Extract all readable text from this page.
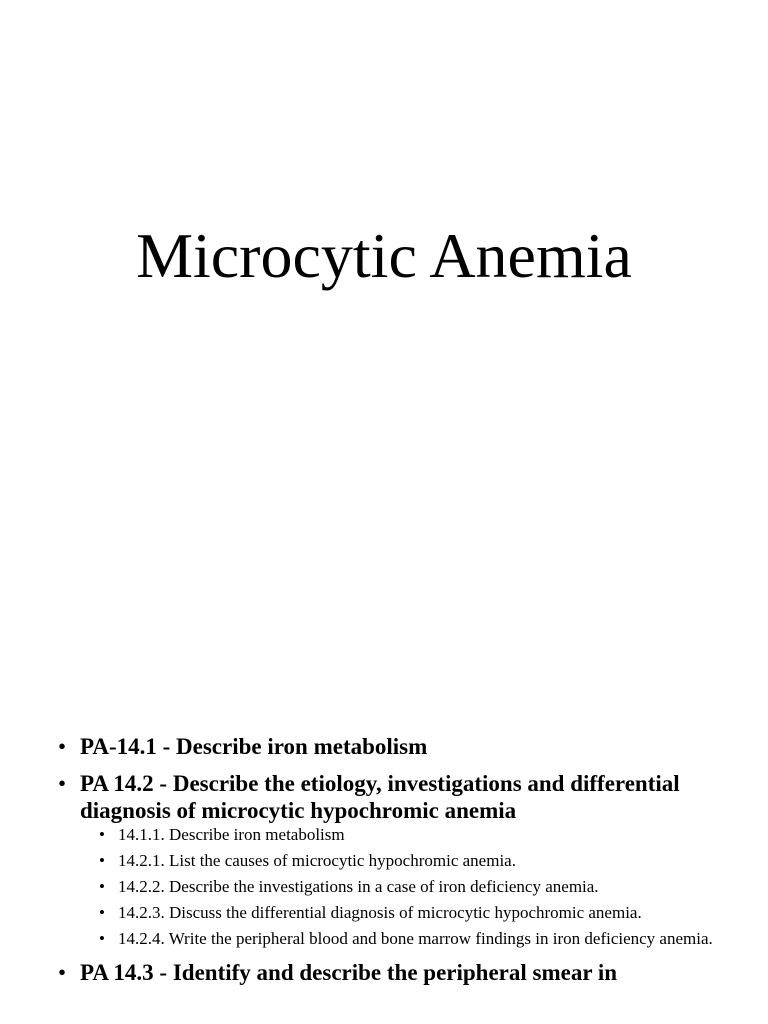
Microcytic Anemia
• PA-14.1 - Describe iron metabolism
• PA 14.2 - Describe the etiology, investigations and differential diagnosis of microcytic hypochromic anemia
• 14.1.1. Describe iron metabolism
• 14.2.1. List the causes of microcytic hypochromic anemia.
• 14.2.2. Describe the investigations in a case of iron deficiency anemia.
• 14.2.3. Discuss the differential diagnosis of microcytic hypochromic anemia.
• 14.2.4. Write the peripheral blood and bone marrow findings in iron deficiency anemia.
• PA 14.3 - Identify and describe the peripheral smear in
